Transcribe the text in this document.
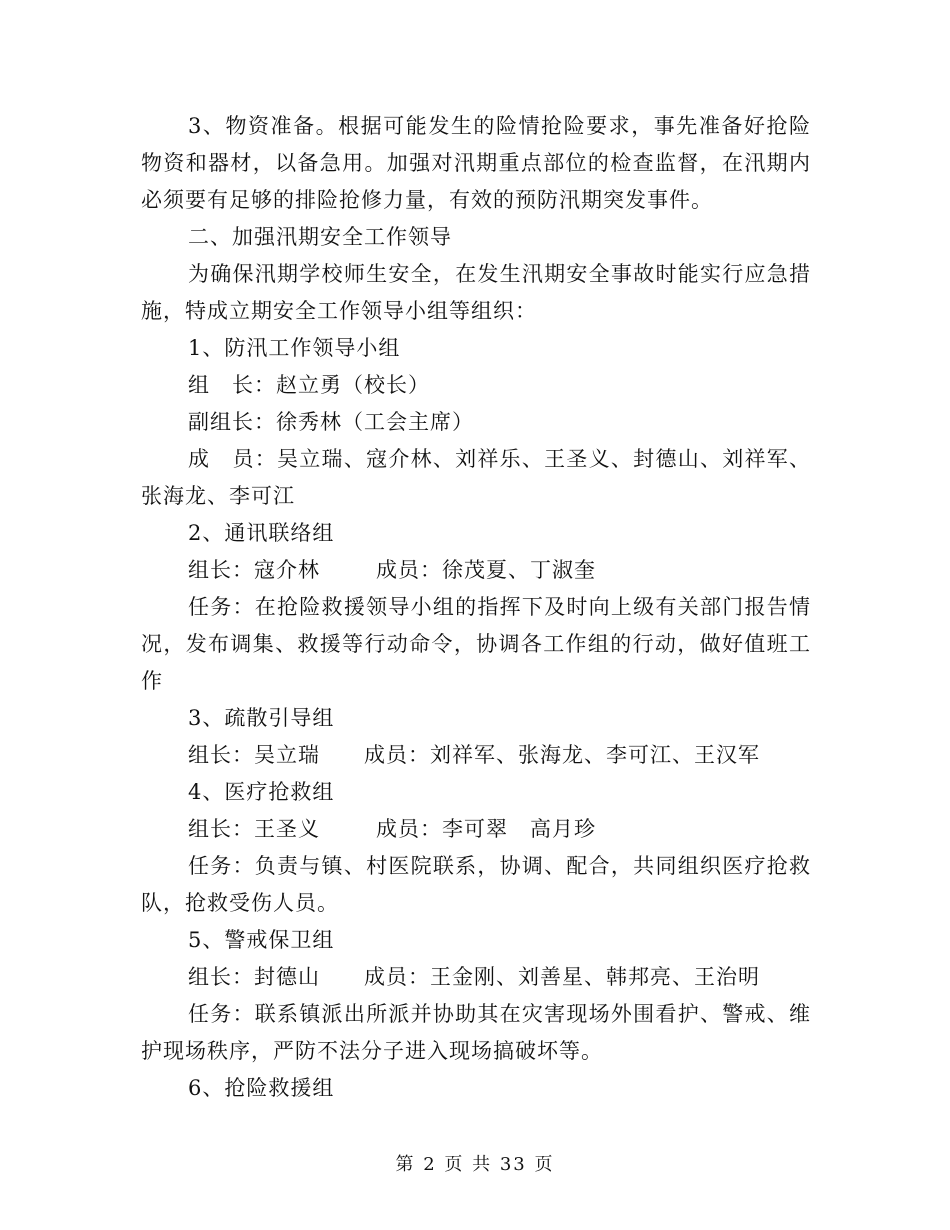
3、物资准备。根据可能发生的险情抢险要求，事先准备好抢险物资和器材，以备急用。加强对汛期重点部位的检查监督，在汛期内必须要有足够的排险抢修力量，有效的预防汛期突发事件。

二、加强汛期安全工作领导

为确保汛期学校师生安全，在发生汛期安全事故时能实行应急措施，特成立期安全工作领导小组等组织：

1、防汛工作领导小组

组　长：赵立勇（校长）

副组长：徐秀林（工会主席）

成　员：吴立瑞、寇介林、刘祥乐、王圣义、封德山、刘祥军、张海龙、李可江

2、通讯联络组

组长：寇介林	成员：徐茂夏、丁淑奎

任务：在抢险救援领导小组的指挥下及时向上级有关部门报告情况，发布调集、救援等行动命令，协调各工作组的行动，做好值班工作

3、疏散引导组

组长：吴立瑞 成员：刘祥军、张海龙、李可江、王汉军

4、医疗抢救组

组长：王圣义	成员：李可翠 高月珍

任务：负责与镇、村医院联系，协调、配合，共同组织医疗抢救队，抢救受伤人员。

5、警戒保卫组

组长：封德山 成员：王金刚、刘善星、韩邦亮、王治明

任务：联系镇派出所派并协助其在灾害现场外围看护、警戒、维护现场秩序，严防不法分子进入现场搞破坏等。

6、抢险救援组

第 2 页 共 33 页
